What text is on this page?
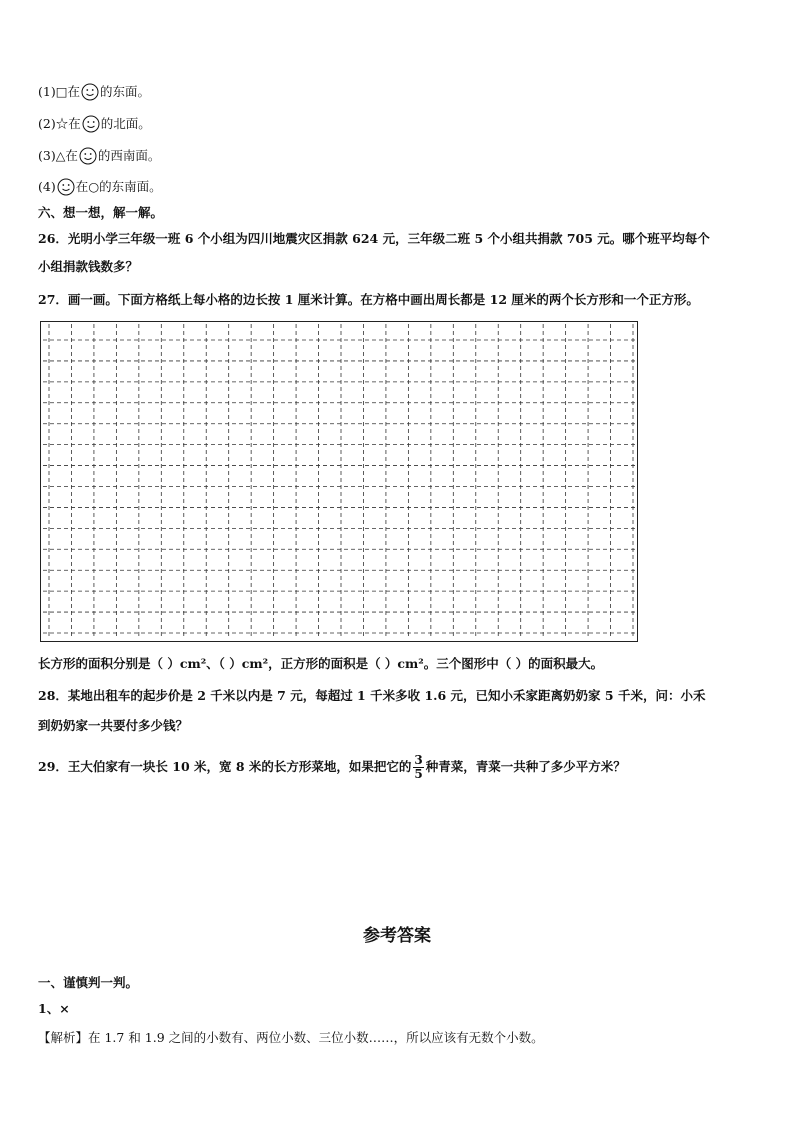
(1)□在 的东面。
(2)☆在 的北面。
(3)△在 的西南面。
(4) 在○的东南面。
六、想一想，解一解。
26．光明小学三年级一班 6 个小组为四川地震灾区捐款 624 元，三年级二班 5 个小组共捐款 705 元。哪个班平均每个
小组捐款钱数多？
27．画一画。下面方格纸上每小格的边长按 1 厘米计算。在方格中画出周长都是 12 厘米的两个长方形和一个正方形。
长方形的面积分别是（ ）cm²、（ ）cm²，正方形的面积是（ ）cm²。三个图形中（ ）的面积最大。
28．某地出租车的起步价是 2 千米以内是 7 元，每超过 1 千米多收 1.6 元，已知小禾家距离奶奶家 5 千米，问：小禾
到奶奶家一共要付多少钱？
29．王大伯家有一块长 10 米，宽 8 米的长方形菜地，如果把它的 $\frac{3}{5}$ 种青菜，青菜一共种了多少平方米？
参考答案
一、谨慎判一判。
1、×
【解析】在 1.7 和 1.9 之间的小数有、两位小数、三位小数……，所以应该有无数个小数。
